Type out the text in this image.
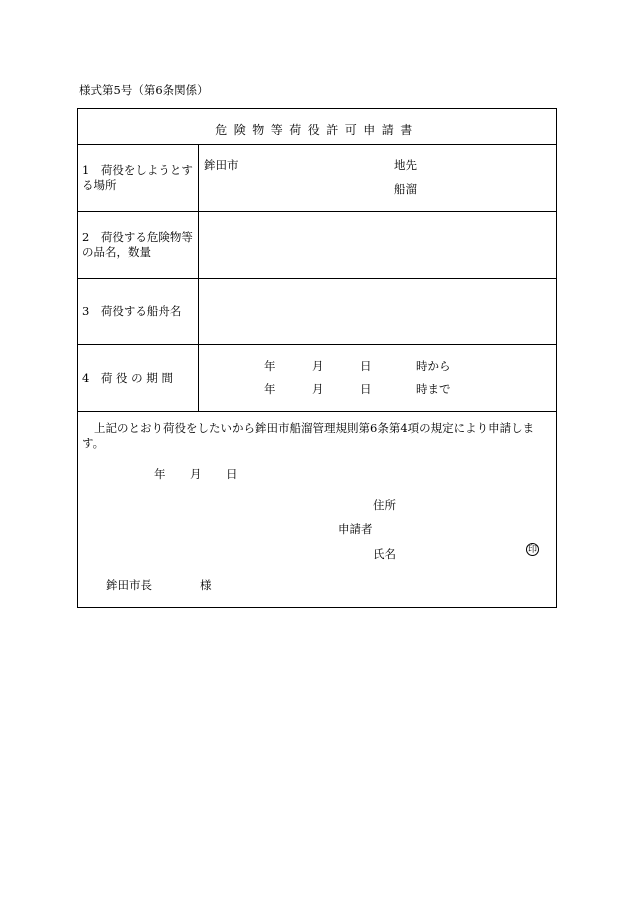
様式第5号（第6条関係）
危険物等荷役許可申請書
1　荷役をしようとする場所
鉾田市	地先
船溜
2　荷役する危険物等の品名，数量
3　荷役する船舟名
4　荷 役 の 期 間
年	月	日	時から
年	月	日	時まで
上記のとおり荷役をしたいから鉾田市船溜管理規則第6条第4項の規定により申請します。
年 月 日
住所
申請者
氏名	印
鉾田市長	様
